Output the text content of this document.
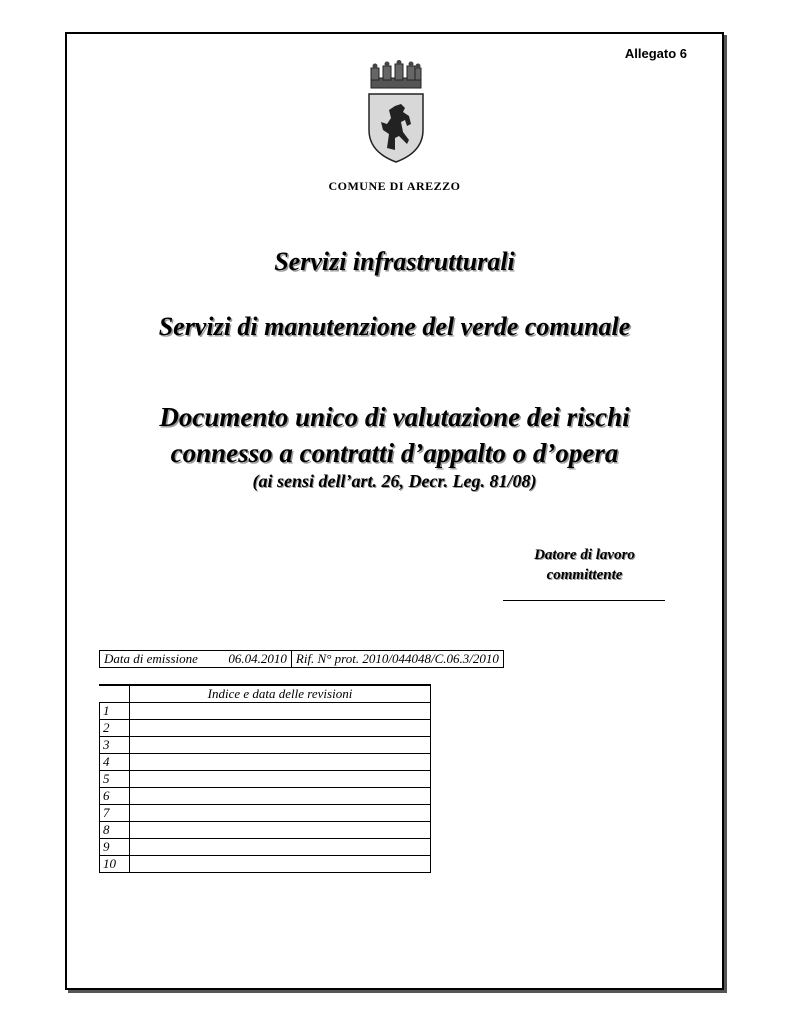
Allegato 6
COMUNE DI AREZZO
Servizi infrastrutturali
Servizi di manutenzione del verde comunale
Documento unico di valutazione dei rischi
connesso a contratti d’appalto o d’opera
(ai sensi dell’art. 26, Decr. Leg. 81/08)
Datore di lavoro
committente
Data di emissione 06.04.2010	Rif. N° prot. 2010/044048/C.06.3/2010
	Indice e data delle revisioni
1	
2	
3	
4	
5	
6	
7	
8	
9	
10	
